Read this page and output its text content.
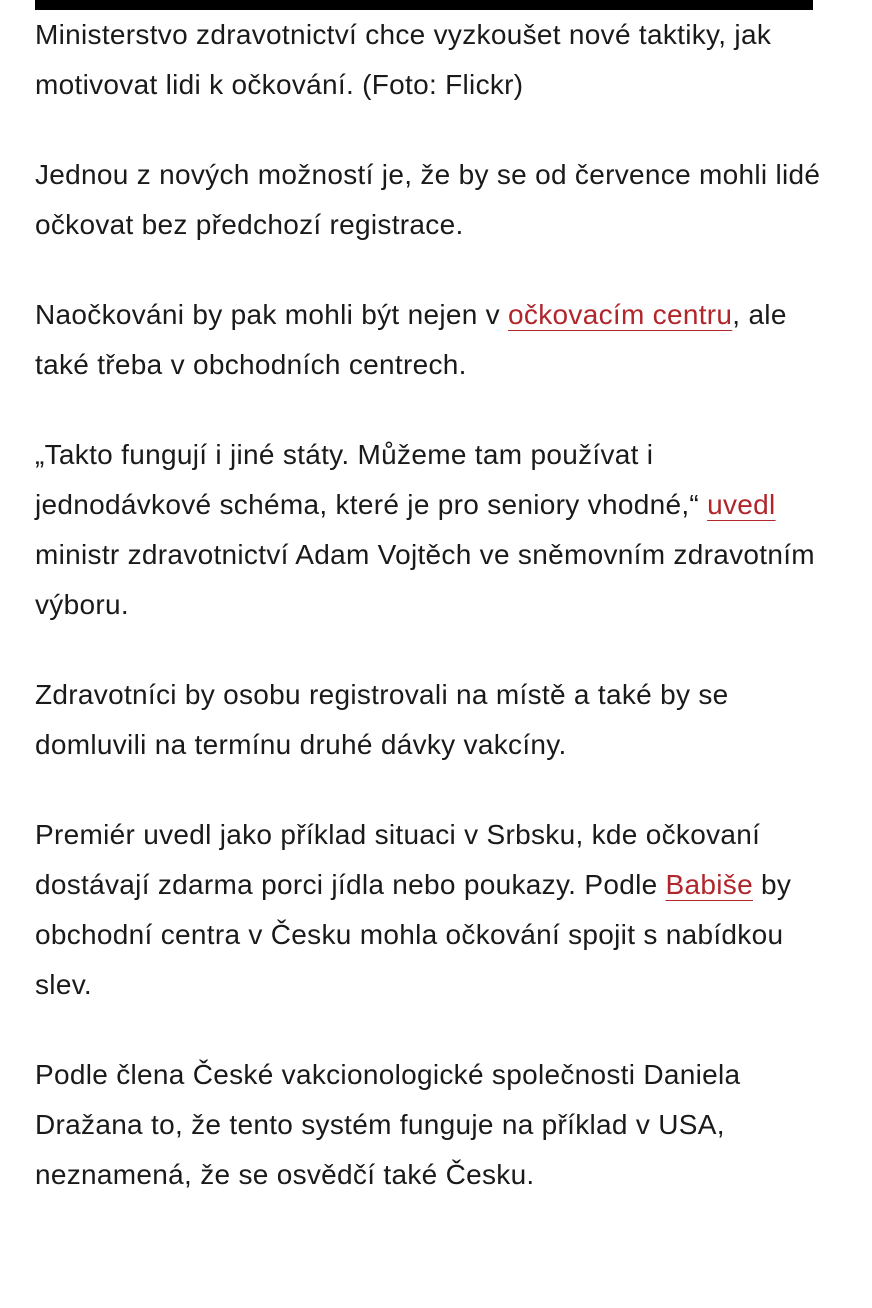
Ministerstvo zdravotnictví chce vyzkoušet nové taktiky, jak motivovat lidi k očkování. (Foto: Flickr)

Jednou z nových možností je, že by se od července mohli lidé očkovat bez předchozí registrace.

Naočkováni by pak mohli být nejen v očkovacím centru, ale také třeba v obchodních centrech.

„Takto fungují i jiné státy. Můžeme tam používat i jednodávkové schéma, které je pro seniory vhodné,“ uvedl ministr zdravotnictví Adam Vojtěch ve sněmovním zdravotním výboru.

Zdravotníci by osobu registrovali na místě a také by se domluvili na termínu druhé dávky vakcíny.

Premiér uvedl jako příklad situaci v Srbsku, kde očkovaní dostávají zdarma porci jídla nebo poukazy. Podle Babiše by obchodní centra v Česku mohla očkování spojit s nabídkou slev.

Podle člena České vakcionologické společnosti Daniela Dražana to, že tento systém funguje na příklad v USA, neznamená, že se osvědčí také Česku.
